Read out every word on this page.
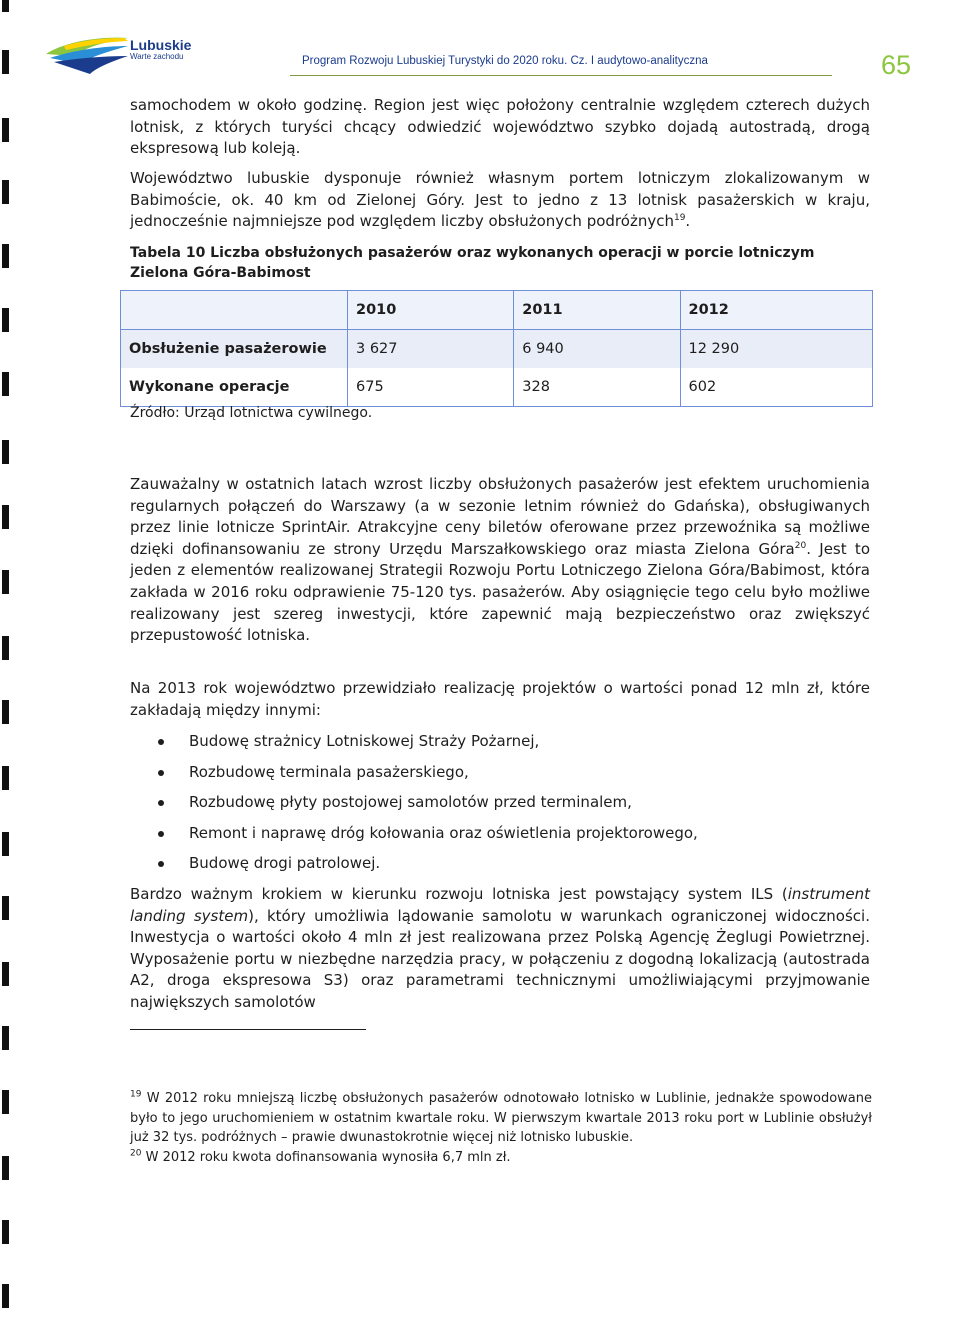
Lubuskie
Warte zachodu	Program Rozwoju Lubuskiej Turystyki do 2020 roku. Cz. I audytowo-analityczna	65

samochodem w około godzinę. Region jest więc położony centralnie względem czterech dużych lotnisk, z których turyści chcący odwiedzić województwo szybko dojadą autostradą, drogą ekspresową lub koleją.

Województwo lubuskie dysponuje również własnym portem lotniczym zlokalizowanym w Babimoście, ok. 40 km od Zielonej Góry. Jest to jedno z 13 lotnisk pasażerskich w kraju, jednocześnie najmniejsze pod względem liczby obsłużonych podróżnych$^{19}$.

Tabela 10 Liczba obsłużonych pasażerów oraz wykonanych operacji w porcie lotniczym Zielona Góra-Babimost
	2010	2011	2012
Obsłużenie pasażerowie	3 627	6 940	12 290
Wykonane operacje	675	328	602
Źródło: Urząd lotnictwa cywilnego.

Zauważalny w ostatnich latach wzrost liczby obsłużonych pasażerów jest efektem uruchomienia regularnych połączeń do Warszawy (a w sezonie letnim również do Gdańska), obsługiwanych przez linie lotnicze SprintAir. Atrakcyjne ceny biletów oferowane przez przewoźnika są możliwe dzięki dofinansowaniu ze strony Urzędu Marszałkowskiego oraz miasta Zielona Góra$^{20}$. Jest to jeden z elementów realizowanej Strategii Rozwoju Portu Lotniczego Zielona Góra/Babimost, która zakłada w 2016 roku odprawienie 75-120 tys. pasażerów. Aby osiągnięcie tego celu było możliwe realizowany jest szereg inwestycji, które zapewnić mają bezpieczeństwo oraz zwiększyć przepustowość lotniska.

Na 2013 rok województwo przewidziało realizację projektów o wartości ponad 12 mln zł, które zakładają między innymi:

Budowę strażnicy Lotniskowej Straży Pożarnej,
Rozbudowę terminala pasażerskiego,
Rozbudowę płyty postojowej samolotów przed terminalem,
Remont i naprawę dróg kołowania oraz oświetlenia projektorowego,
Budowę drogi patrolowej.

Bardzo ważnym krokiem w kierunku rozwoju lotniska jest powstający system ILS (instrument landing system), który umożliwia lądowanie samolotu w warunkach ograniczonej widoczności. Inwestycja o wartości około 4 mln zł jest realizowana przez Polską Agencję Żeglugi Powietrznej. Wyposażenie portu w niezbędne narzędzia pracy, w połączeniu z dogodną lokalizacją (autostrada A2, droga ekspresowa S3) oraz parametrami technicznymi umożliwiającymi przyjmowanie największych samolotów

$^{19}$ W 2012 roku mniejszą liczbę obsłużonych pasażerów odnotowało lotnisko w Lublinie, jednakże spowodowane było to jego uruchomieniem w ostatnim kwartale roku. W pierwszym kwartale 2013 roku port w Lublinie obsłużył już 32 tys. podróżnych – prawie dwunastokrotnie więcej niż lotnisko lubuskie.

$^{20}$ W 2012 roku kwota dofinansowania wynosiła 6,7 mln zł.
